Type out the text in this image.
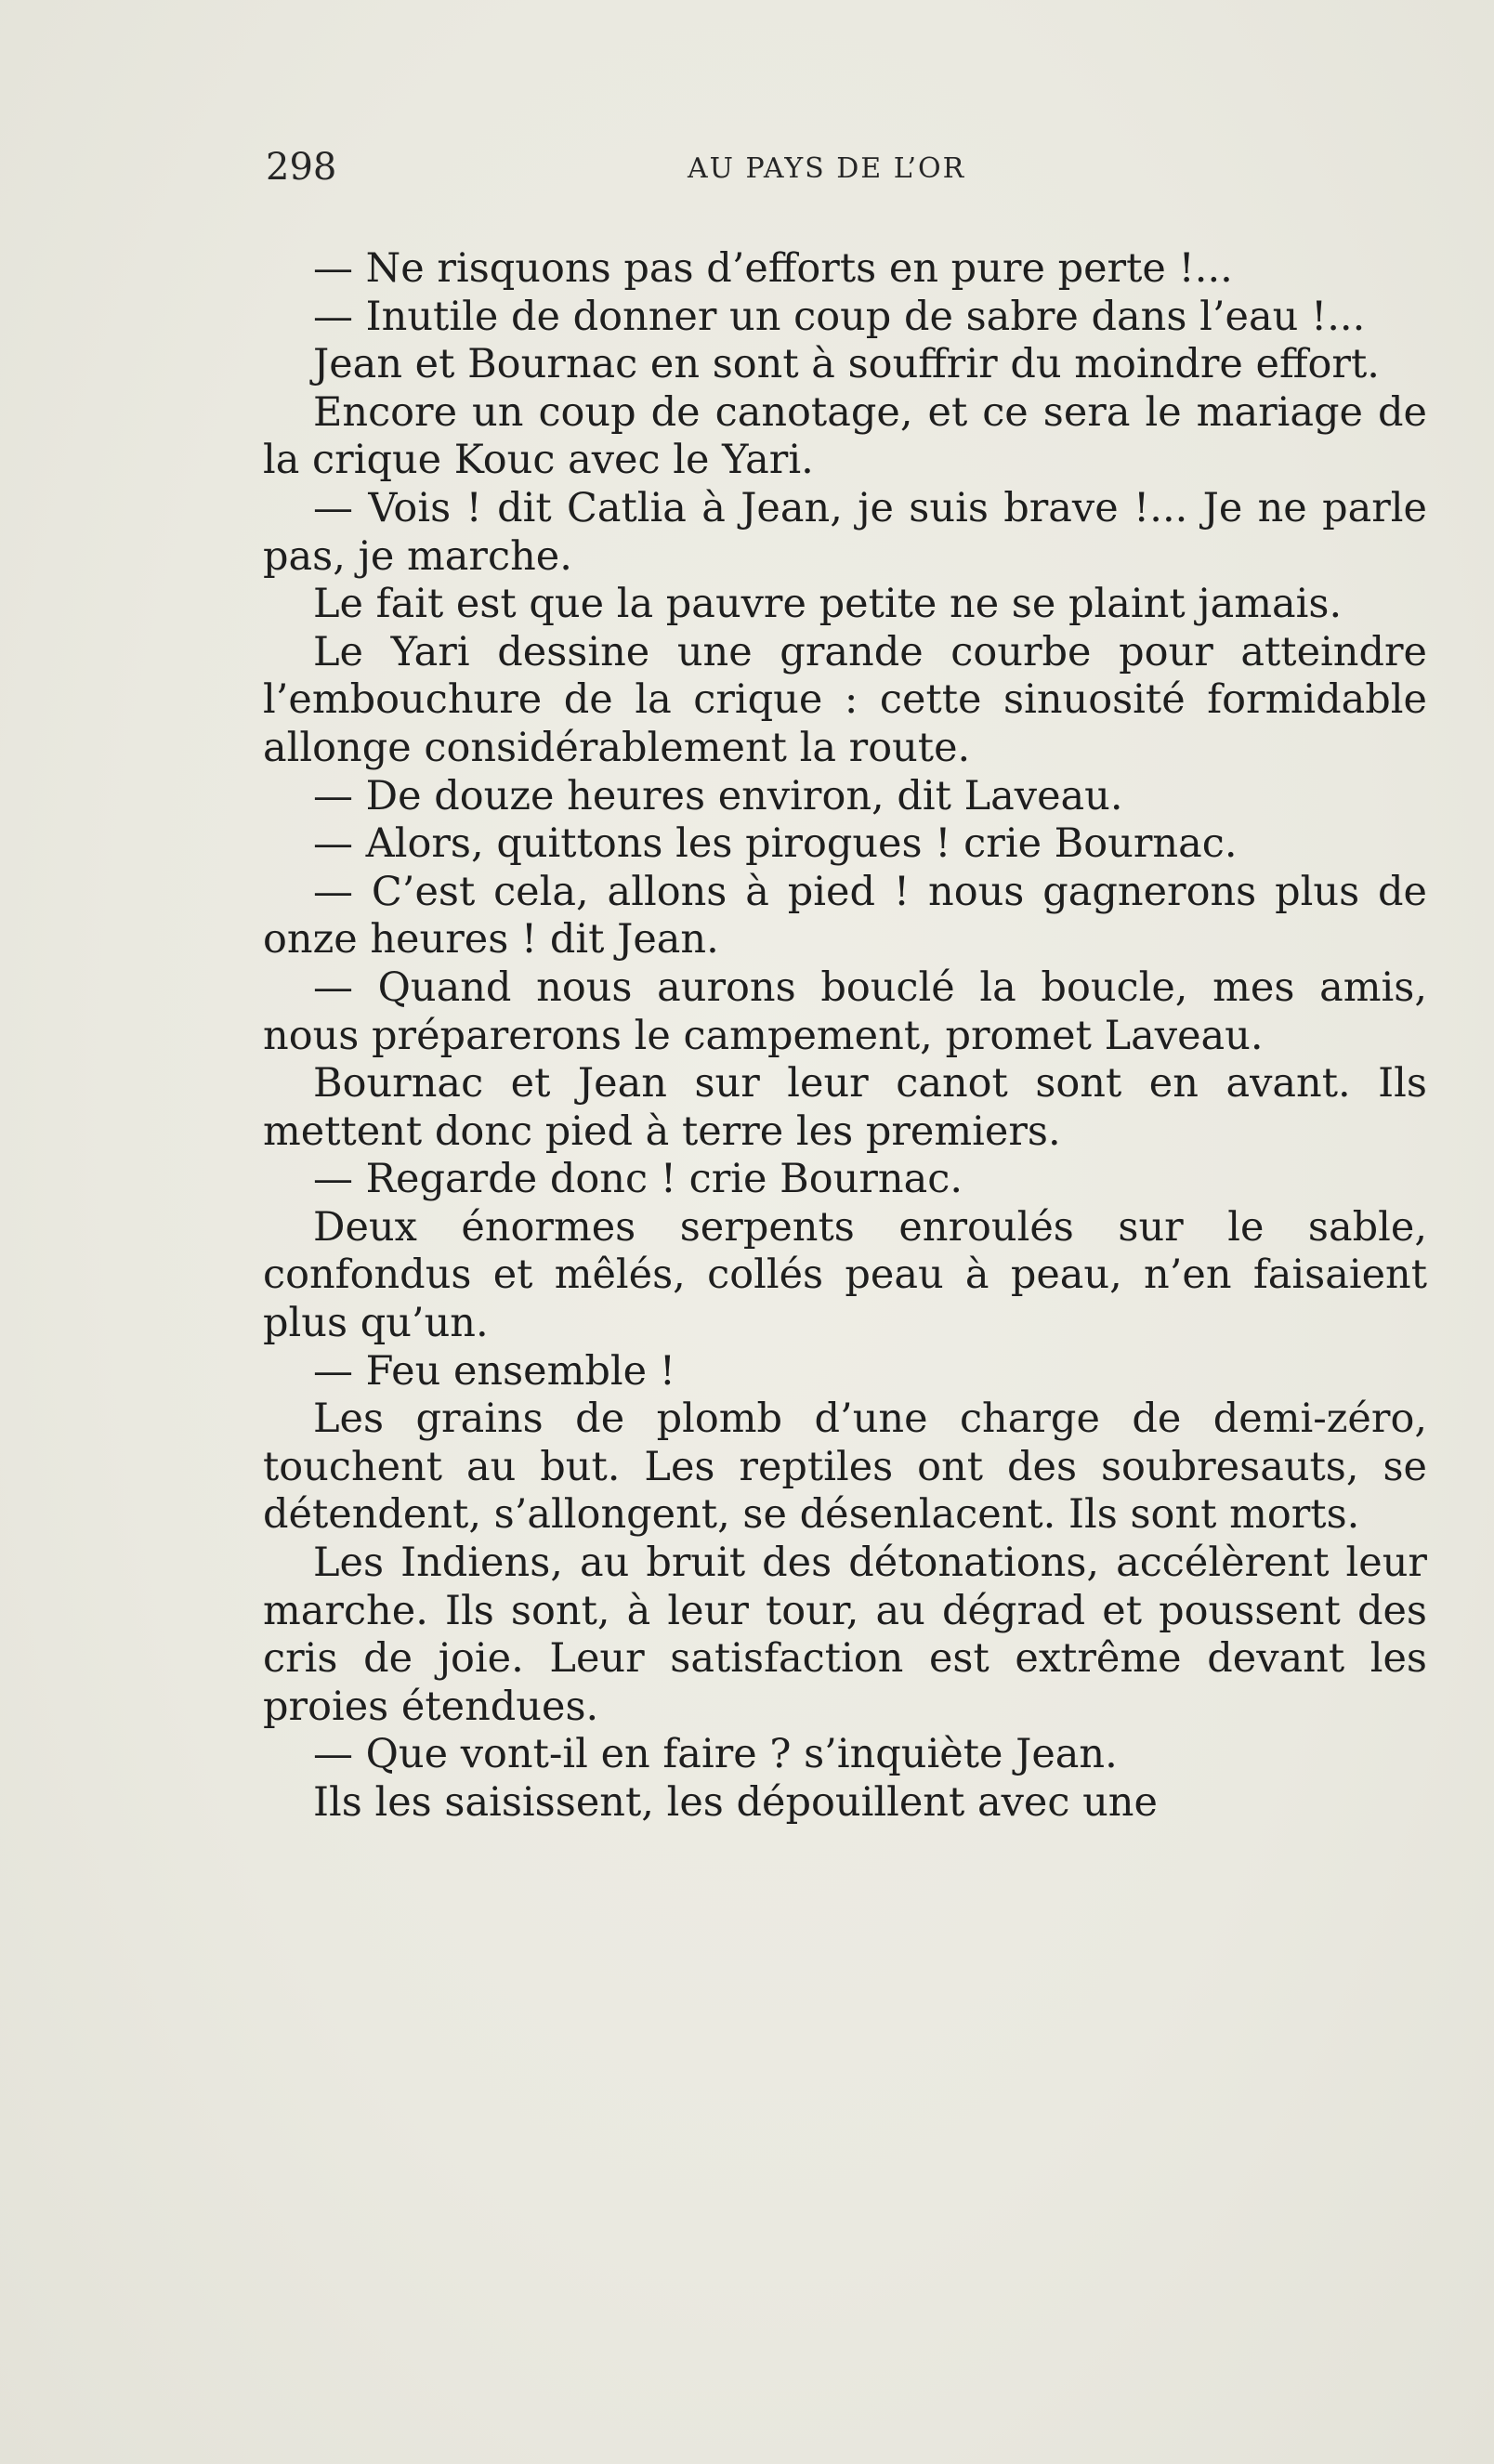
298	AU PAYS DE L’OR

— Ne risquons pas d’efforts en pure perte !...

— Inutile de donner un coup de sabre dans l’eau !...

Jean et Bournac en sont à souffrir du moindre effort.

Encore un coup de canotage, et ce sera le mariage de la crique Kouc avec le Yari.

— Vois ! dit Catlia à Jean, je suis brave !... Je ne parle pas, je marche.

Le fait est que la pauvre petite ne se plaint jamais.

Le Yari dessine une grande courbe pour atteindre l’embouchure de la crique : cette sinuosité formidable allonge considérablement la route.

— De douze heures environ, dit Laveau.

— Alors, quittons les pirogues ! crie Bournac.

— C’est cela, allons à pied ! nous gagnerons plus de onze heures ! dit Jean.

— Quand nous aurons bouclé la boucle, mes amis, nous préparerons le campement, promet Laveau.

Bournac et Jean sur leur canot sont en avant. Ils mettent donc pied à terre les premiers.

— Regarde donc ! crie Bournac.

Deux énormes serpents enroulés sur le sable, confondus et mêlés, collés peau à peau, n’en faisaient plus qu’un.

— Feu ensemble !

Les grains de plomb d’une charge de demi-zéro, touchent au but. Les reptiles ont des soubresauts, se détendent, s’allongent, se désenlacent. Ils sont morts.

Les Indiens, au bruit des détonations, accélèrent leur marche. Ils sont, à leur tour, au dégrad et poussent des cris de joie. Leur satisfaction est extrême devant les proies étendues.

— Que vont-il en faire ? s’inquiète Jean.

Ils les saisissent, les dépouillent avec une
